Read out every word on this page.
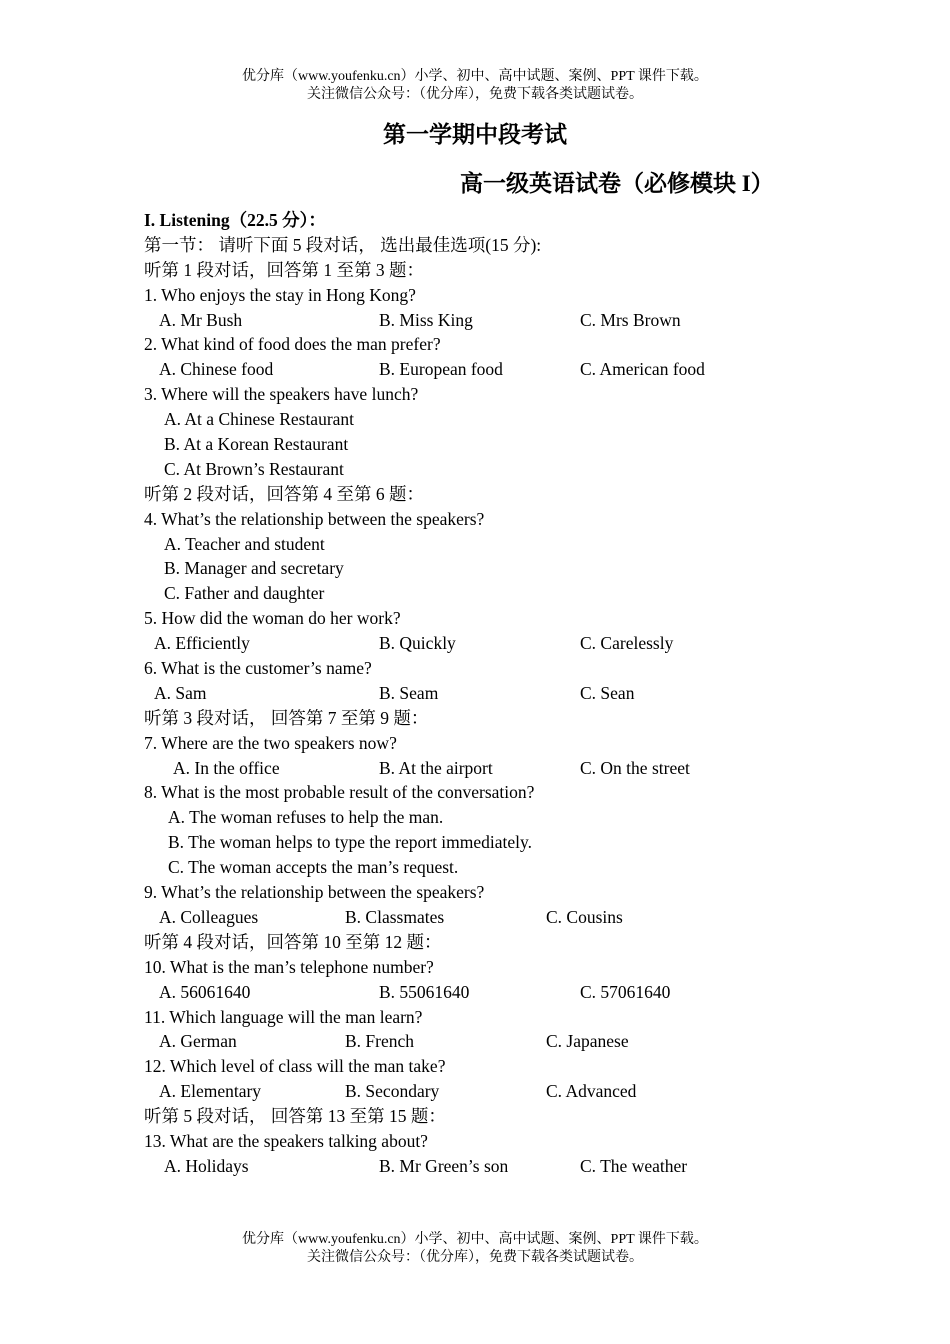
优分库（www.youfenku.cn）小学、初中、高中试题、案例、PPT 课件下载。
关注微信公众号：（优分库），免费下载各类试题试卷。
第一学期中段考试
高一级英语试卷（必修模块 I）
I. Listening（22.5 分）：
第一节： 请听下面 5 段对话， 选出最佳选项(15 分):
听第 1 段对话，回答第 1 至第 3 题：
1. Who enjoys the stay in Hong Kong?
A. Mr Bush	B. Miss King	C. Mrs Brown
2. What kind of food does the man prefer?
A. Chinese food	B. European food	C. American food
3. Where will the speakers have lunch?
A. At a Chinese Restaurant
B. At a Korean Restaurant
C. At Brown’s Restaurant
听第 2 段对话，回答第 4 至第 6 题：
4. What’s the relationship between the speakers?
A. Teacher and student
B. Manager and secretary
C. Father and daughter
5. How did the woman do her work?
A. Efficiently	B. Quickly	C. Carelessly
6. What is the customer’s name?
A. Sam	B. Seam	C. Sean
听第 3 段对话， 回答第 7 至第 9 题：
7. Where are the two speakers now?
A. In the office	B. At the airport	C. On the street
8. What is the most probable result of the conversation?
A. The woman refuses to help the man.
B. The woman helps to type the report immediately.
C. The woman accepts the man’s request.
9. What’s the relationship between the speakers?
A. Colleagues	B. Classmates	C. Cousins
听第 4 段对话，回答第 10 至第 12 题：
10. What is the man’s telephone number?
A. 56061640	B. 55061640	C. 57061640
11. Which language will the man learn?
A. German	B. French	C. Japanese
12. Which level of class will the man take?
A. Elementary	B. Secondary	C. Advanced
听第 5 段对话， 回答第 13 至第 15 题：
13. What are the speakers talking about?
A. Holidays	B. Mr Green’s son	C. The weather
优分库（www.youfenku.cn）小学、初中、高中试题、案例、PPT 课件下载。
关注微信公众号：（优分库），免费下载各类试题试卷。
